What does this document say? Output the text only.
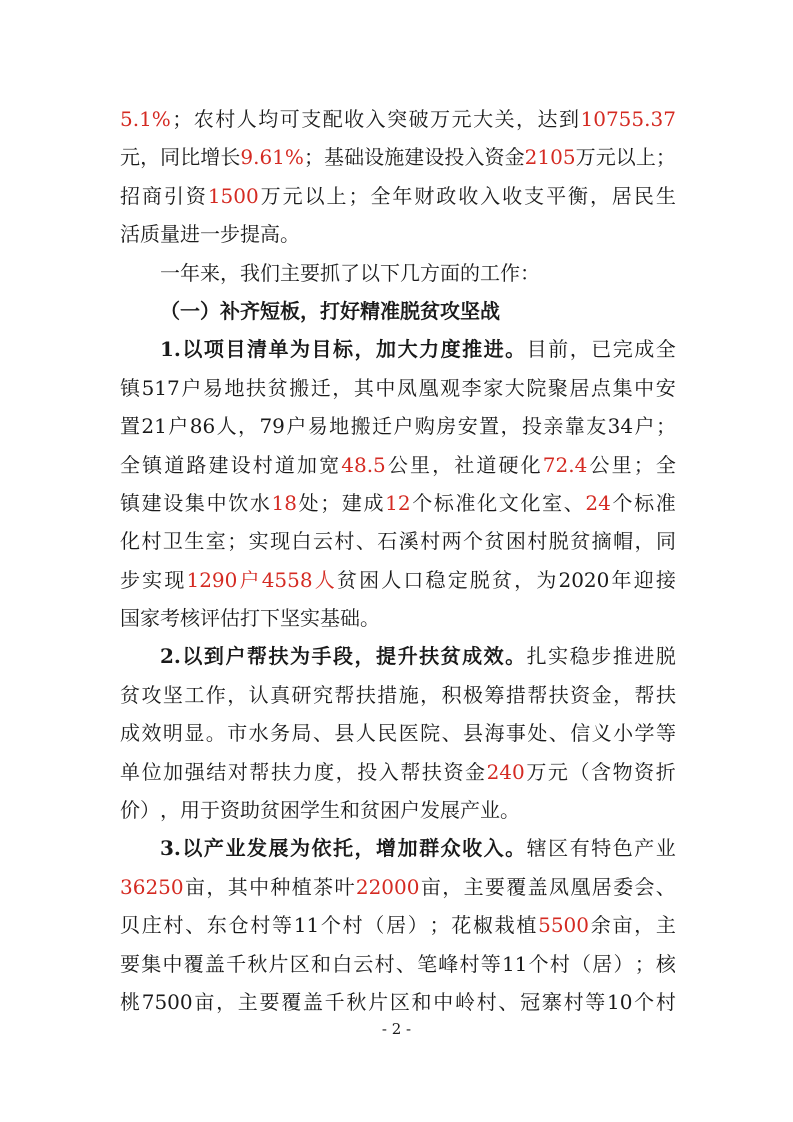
5.1% ； 农 村 人 均 可 支 配 收 入 突 破 万 元 大 关 ， 达 到 10755.37
元 ， 同 比 增 长 9.61% ； 基 础 设 施 建 设 投 入 资 金 2105 万 元 以 上 ；
招 商 引 资 1500 万 元 以 上 ； 全 年 财 政 收 入 收 支 平 衡 ， 居 民 生
活 质 量 进 一 步 提 高 。
一 年 来 ， 我 们 主 要 抓 了 以 下 几 方 面 的 工 作 ：
（ 一 ） 补 齐 短 板 ， 打 好 精 准 脱 贫 攻 坚 战
1. 以 项 目 清 单 为 目 标 ， 加 大 力 度 推 进 。 目 前 ， 已 完 成 全
镇 517 户 易 地 扶 贫 搬 迁 ， 其 中 凤 凰 观 李 家 大 院 聚 居 点 集 中 安
置 21 户 86 人 ， 79 户 易 地 搬 迁 户 购 房 安 置 ， 投 亲 靠 友 34 户 ；
全 镇 道 路 建 设 村 道 加 宽 48.5 公 里 ， 社 道 硬 化 72.4 公 里 ； 全
镇 建 设 集 中 饮 水 18 处 ； 建 成 12 个 标 准 化 文 化 室 、 24 个 标 准
化 村 卫 生 室 ； 实 现 白 云 村 、 石 溪 村 两 个 贫 困 村 脱 贫 摘 帽 ， 同
步 实 现 1290 户 4558 人 贫 困 人 口 稳 定 脱 贫 ， 为 2020 年 迎 接
国 家 考 核 评 估 打 下 坚 实 基 础 。
2. 以 到 户 帮 扶 为 手 段 ， 提 升 扶 贫 成 效 。 扎 实 稳 步 推 进 脱
贫 攻 坚 工 作 ， 认 真 研 究 帮 扶 措 施 ， 积 极 筹 措 帮 扶 资 金 ， 帮 扶
成 效 明 显 。 市 水 务 局 、 县 人 民 医 院 、 县 海 事 处 、 信 义 小 学 等
单 位 加 强 结 对 帮 扶 力 度 ， 投 入 帮 扶 资 金 240 万 元 （ 含 物 资 折
价 ） ， 用 于 资 助 贫 困 学 生 和 贫 困 户 发 展 产 业 。
3. 以 产 业 发 展 为 依 托 ， 增 加 群 众 收 入 。 辖 区 有 特 色 产 业
36250 亩 ， 其 中 种 植 茶 叶 22000 亩 ， 主 要 覆 盖 凤 凰 居 委 会 、
贝 庄 村 、 东 仓 村 等 11 个 村 （ 居 ） ； 花 椒 栽 植 5500 余 亩 ， 主
要 集 中 覆 盖 千 秋 片 区 和 白 云 村 、 笔 峰 村 等 11 个 村 （ 居 ） ； 核
桃 7500 亩 ， 主 要 覆 盖 千 秋 片 区 和 中 岭 村 、 冠 寨 村 等 10 个 村
- 2 -
